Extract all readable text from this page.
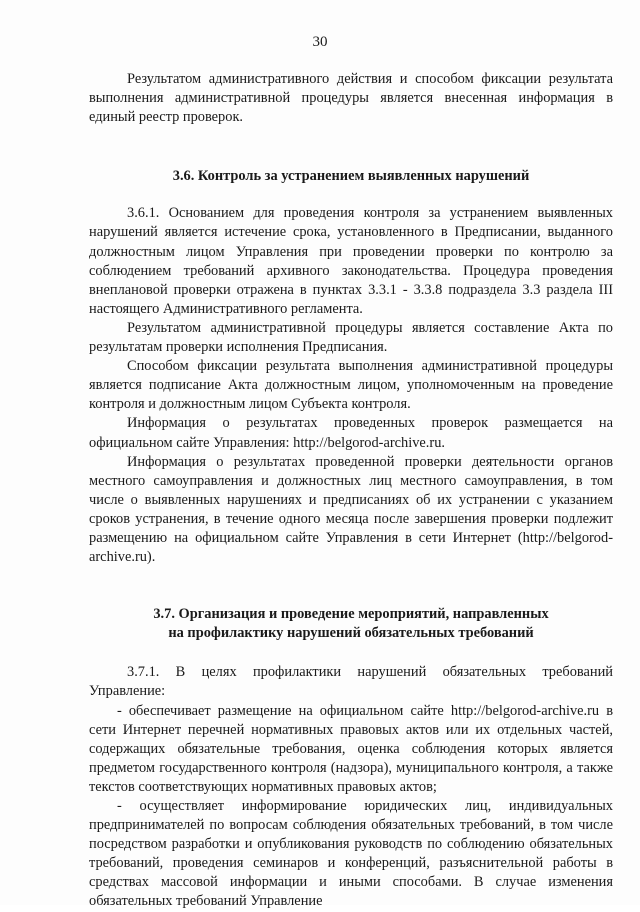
30

Результатом административного действия и способом фиксации результата выполнения административной процедуры является внесенная информация в единый реестр проверок.

3.6. Контроль за устранением выявленных нарушений

3.6.1. Основанием для проведения контроля за устранением выявленных нарушений является истечение срока, установленного в Предписании, выданного должностным лицом Управления при проведении проверки по контролю за соблюдением требований архивного законодательства. Процедура проведения внеплановой проверки отражена в пунктах 3.3.1 - 3.3.8 подраздела 3.3 раздела III настоящего Административного регламента.

Результатом административной процедуры является составление Акта по результатам проверки исполнения Предписания.

Способом фиксации результата выполнения административной процедуры является подписание Акта должностным лицом, уполномоченным на проведение контроля и должностным лицом Субъекта контроля.

Информация о результатах проведенных проверок размещается на официальном сайте Управления: http://belgorod-archive.ru.

Информация о результатах проведенной проверки деятельности органов местного самоуправления и должностных лиц местного самоуправления, в том числе о выявленных нарушениях и предписаниях об их устранении с указанием сроков устранения, в течение одного месяца после завершения проверки подлежит размещению на официальном сайте Управления в сети Интернет (http://belgorod-archive.ru).

3.7. Организация и проведение мероприятий, направленных
на профилактику нарушений обязательных требований

3.7.1. В целях профилактики нарушений обязательных требований Управление:

- обеспечивает размещение на официальном сайте http://belgorod-archive.ru в сети Интернет перечней нормативных правовых актов или их отдельных частей, содержащих обязательные требования, оценка соблюдения которых является предметом государственного контроля (надзора), муниципального контроля, а также текстов соответствующих нормативных правовых актов;

- осуществляет информирование юридических лиц, индивидуальных предпринимателей по вопросам соблюдения обязательных требований, в том числе посредством разработки и опубликования руководств по соблюдению обязательных требований, проведения семинаров и конференций, разъяснительной работы в средствах массовой информации и иными способами. В случае изменения обязательных требований Управление
